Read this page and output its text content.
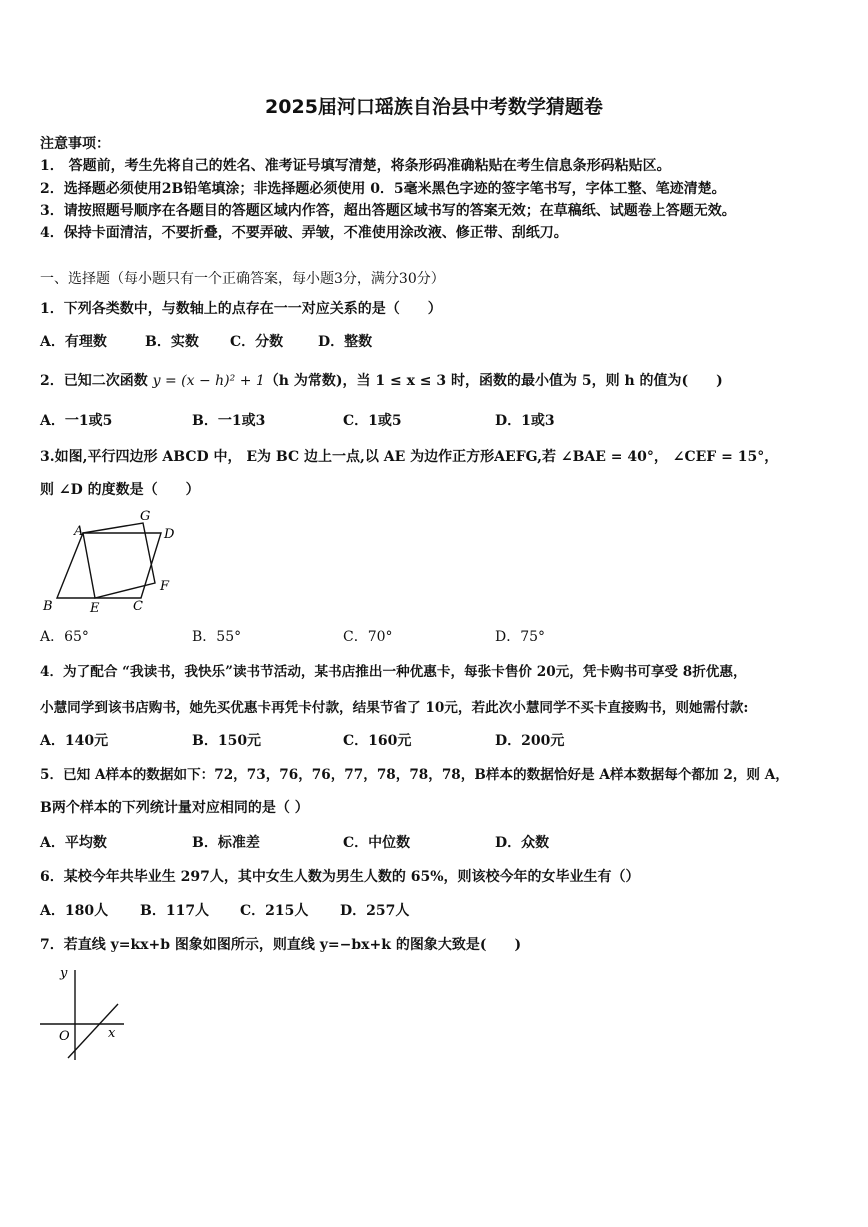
2025届河口瑶族自治县中考数学猜题卷
注意事项：
1． 答题前，考生先将自己的姓名、准考证号填写清楚，将条形码准确粘贴在考生信息条形码粘贴区。
2．选择题必须使用2B铅笔填涂；非选择题必须使用 0．5毫米黑色字迹的签字笔书写，字体工整、笔迹清楚。
3．请按照题号顺序在各题目的答题区域内作答，超出答题区域书写的答案无效；在草稿纸、试题卷上答题无效。
4．保持卡面清洁，不要折叠，不要弄破、弄皱，不准使用涂改液、修正带、刮纸刀。
一、选择题（每小题只有一个正确答案，每小题3分，满分30分）
1．下列各类数中，与数轴上的点存在一一对应关系的是（　　）
A．有理数	B．实数 C．分数 D．整数
2．已知二次函数 y = (x − h)² + 1（h 为常数)，当 1 ≤ x ≤ 3 时，函数的最小值为 5，则 h 的值为(　　)
A．一1或5	B．一1或3	C．1或5	D．1或3
3.如图,平行四边形 ABCD 中， E为 BC 边上一点,以 AE 为边作正方形AEFG,若 ∠BAE = 40°， ∠CEF = 15°，
则 ∠D 的度数是（　　）
A
G
D
B	E	C
F
A．65°	B．55°	C．70°	D．75°
4．为了配合 “我读书，我快乐”读书节活动，某书店推出一种优惠卡，每张卡售价 20元，凭卡购书可享受 8折优惠，
小慧同学到该书店购书，她先买优惠卡再凭卡付款，结果节省了 10元，若此次小慧同学不买卡直接购书，则她需付款:
A．140元	B．150元	C．160元	D．200元
5．已知 A样本的数据如下：72，73，76，76，77，78，78，78，B样本的数据恰好是 A样本数据每个都加 2，则 A，
B两个样本的下列统计量对应相同的是（ ）
A．平均数	B．标准差	C．中位数	D．众数
6．某校今年共毕业生 297人，其中女生人数为男生人数的 65%，则该校今年的女毕业生有（）
A．180人 B．117人 C．215人 D．257人
7．若直线 y=kx+b 图象如图所示，则直线 y=−bx+k 的图象大致是(　　)
y
O	x
